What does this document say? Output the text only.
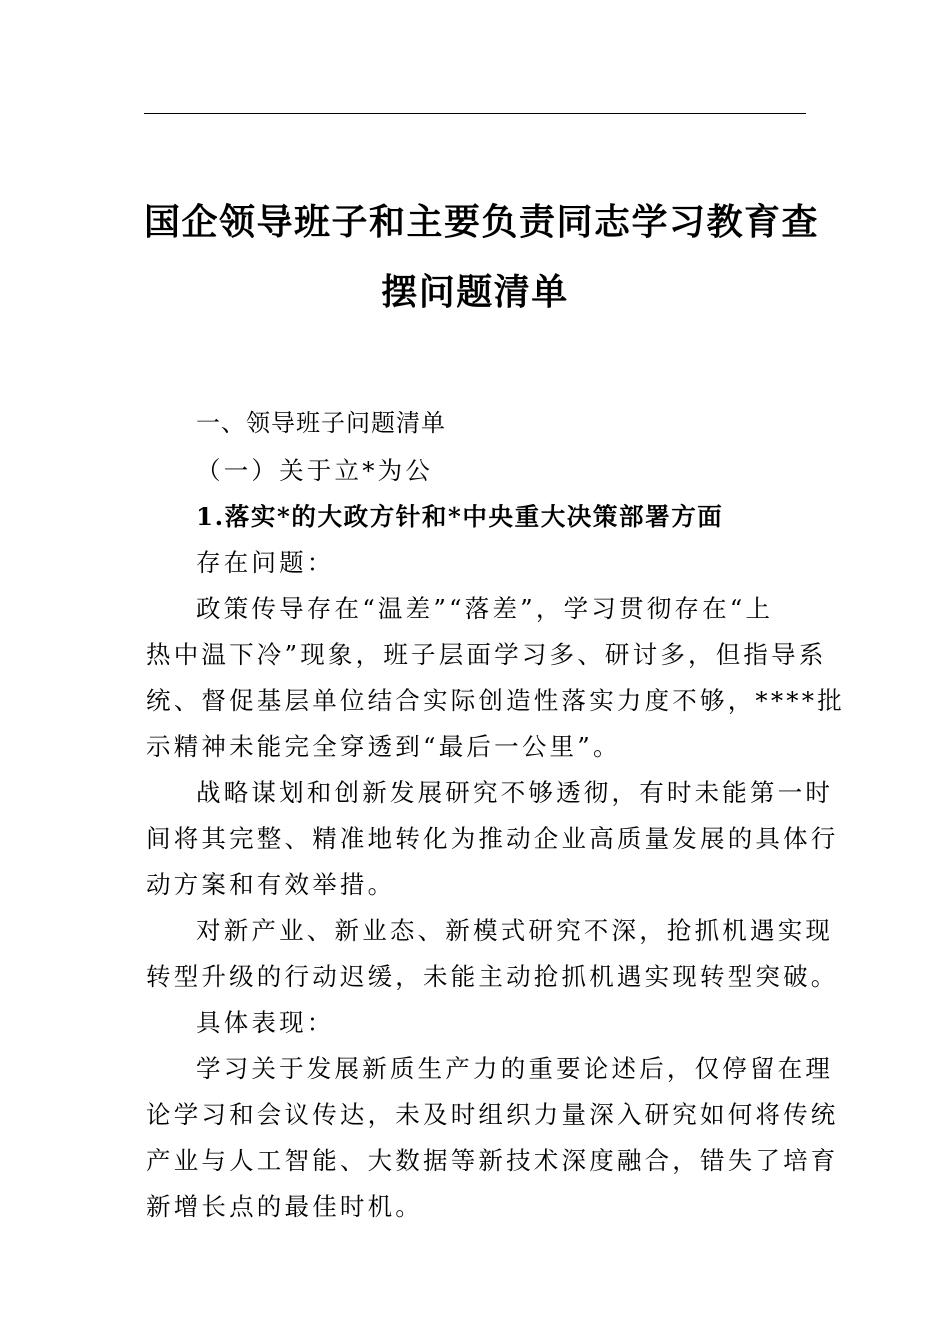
国企领导班子和主要负责同志学习教育查
摆问题清单
一、领导班子问题清单
（一）关于立*为公
1.落实*的大政方针和*中央重大决策部署方面
存在问题：
政策传导存在“温差”“落差”，学习贯彻存在“上
热中温下冷”现象，班子层面学习多、研讨多，但指导系
统、督促基层单位结合实际创造性落实力度不够，****批
示精神未能完全穿透到“最后一公里”。
战略谋划和创新发展研究不够透彻，有时未能第一时
间将其完整、精准地转化为推动企业高质量发展的具体行
动方案和有效举措。
对新产业、新业态、新模式研究不深，抢抓机遇实现
转型升级的行动迟缓，未能主动抢抓机遇实现转型突破。
具体表现：
学习关于发展新质生产力的重要论述后，仅停留在理
论学习和会议传达，未及时组织力量深入研究如何将传统
产业与人工智能、大数据等新技术深度融合，错失了培育
新增长点的最佳时机。
